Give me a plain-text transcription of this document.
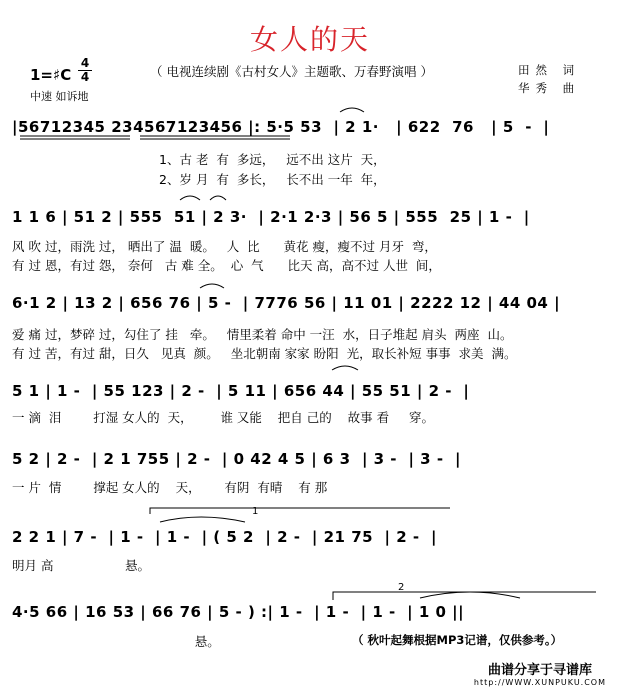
女人的天
1=♯C
4
4
中速 如诉地
（ 电视连续剧《古村女人》主题歌、万春野演唱 ）	田然 词
华秀 曲
|56712345 234567123456 |: 5·5 53  | 2 1·   | 622  76   | 5  -  |
1、古 老  有  多远，   远不出 这片  天，
2、岁 月  有  多长，   长不出 一年  年，
1 1 6 | 51 2 | 555  51 | 2 3·  | 2·1 2·3 | 56 5 | 555  25 | 1 -  |
风 吹 过，雨洗 过， 晒出了 温  暖。   人  比      黄花 瘦，瘦不过 月牙  弯，
有 过 恩，有过 怨， 奈何   古 难 全。  心  气      比天 高，高不过 人世  间，
6·1 2 | 13 2 | 656 76 | 5 -  | 7776 56 | 11 01 | 2222 12 | 44 04 |
爱 痛 过，梦碎 过，勾住了 挂   牵。   情里柔着 命中 一汪  水，日子堆起 肩头  两座  山。
有 过 苦，有过 甜，日久   见真  颜。   坐北朝南 家家 盼阳  光，取长补短 事事  求美  满。
5 1 | 1 -  | 55 123 | 2 -  | 5 11 | 656 44 | 55 51 | 2 -  |
一 滴  泪        打湿 女人的  天，       谁 又能    把自 己的    故事 看     穿。
5 2 | 2 -  | 2 1 755 | 2 -  | 0 42 4 5 | 6 3  | 3 -  | 3 -  |
一 片  情        撑起 女人的    天，      有阴  有晴    有 那
2 2 1 | 7 -  | 1 -  | 1 -  | ( 5 2  | 2 -  | 21 75  | 2 -  |
明月 高                  悬。
4·5 66 | 16 53 | 66 76 | 5 - ) :| 1 -  | 1 -  | 1 -  | 1 0 ||
悬。	（ 秋叶起舞根据MP3记谱，仅供参考。）
1
2
曲谱分享于寻谱库
http://WWW.XUNPUKU.COM
